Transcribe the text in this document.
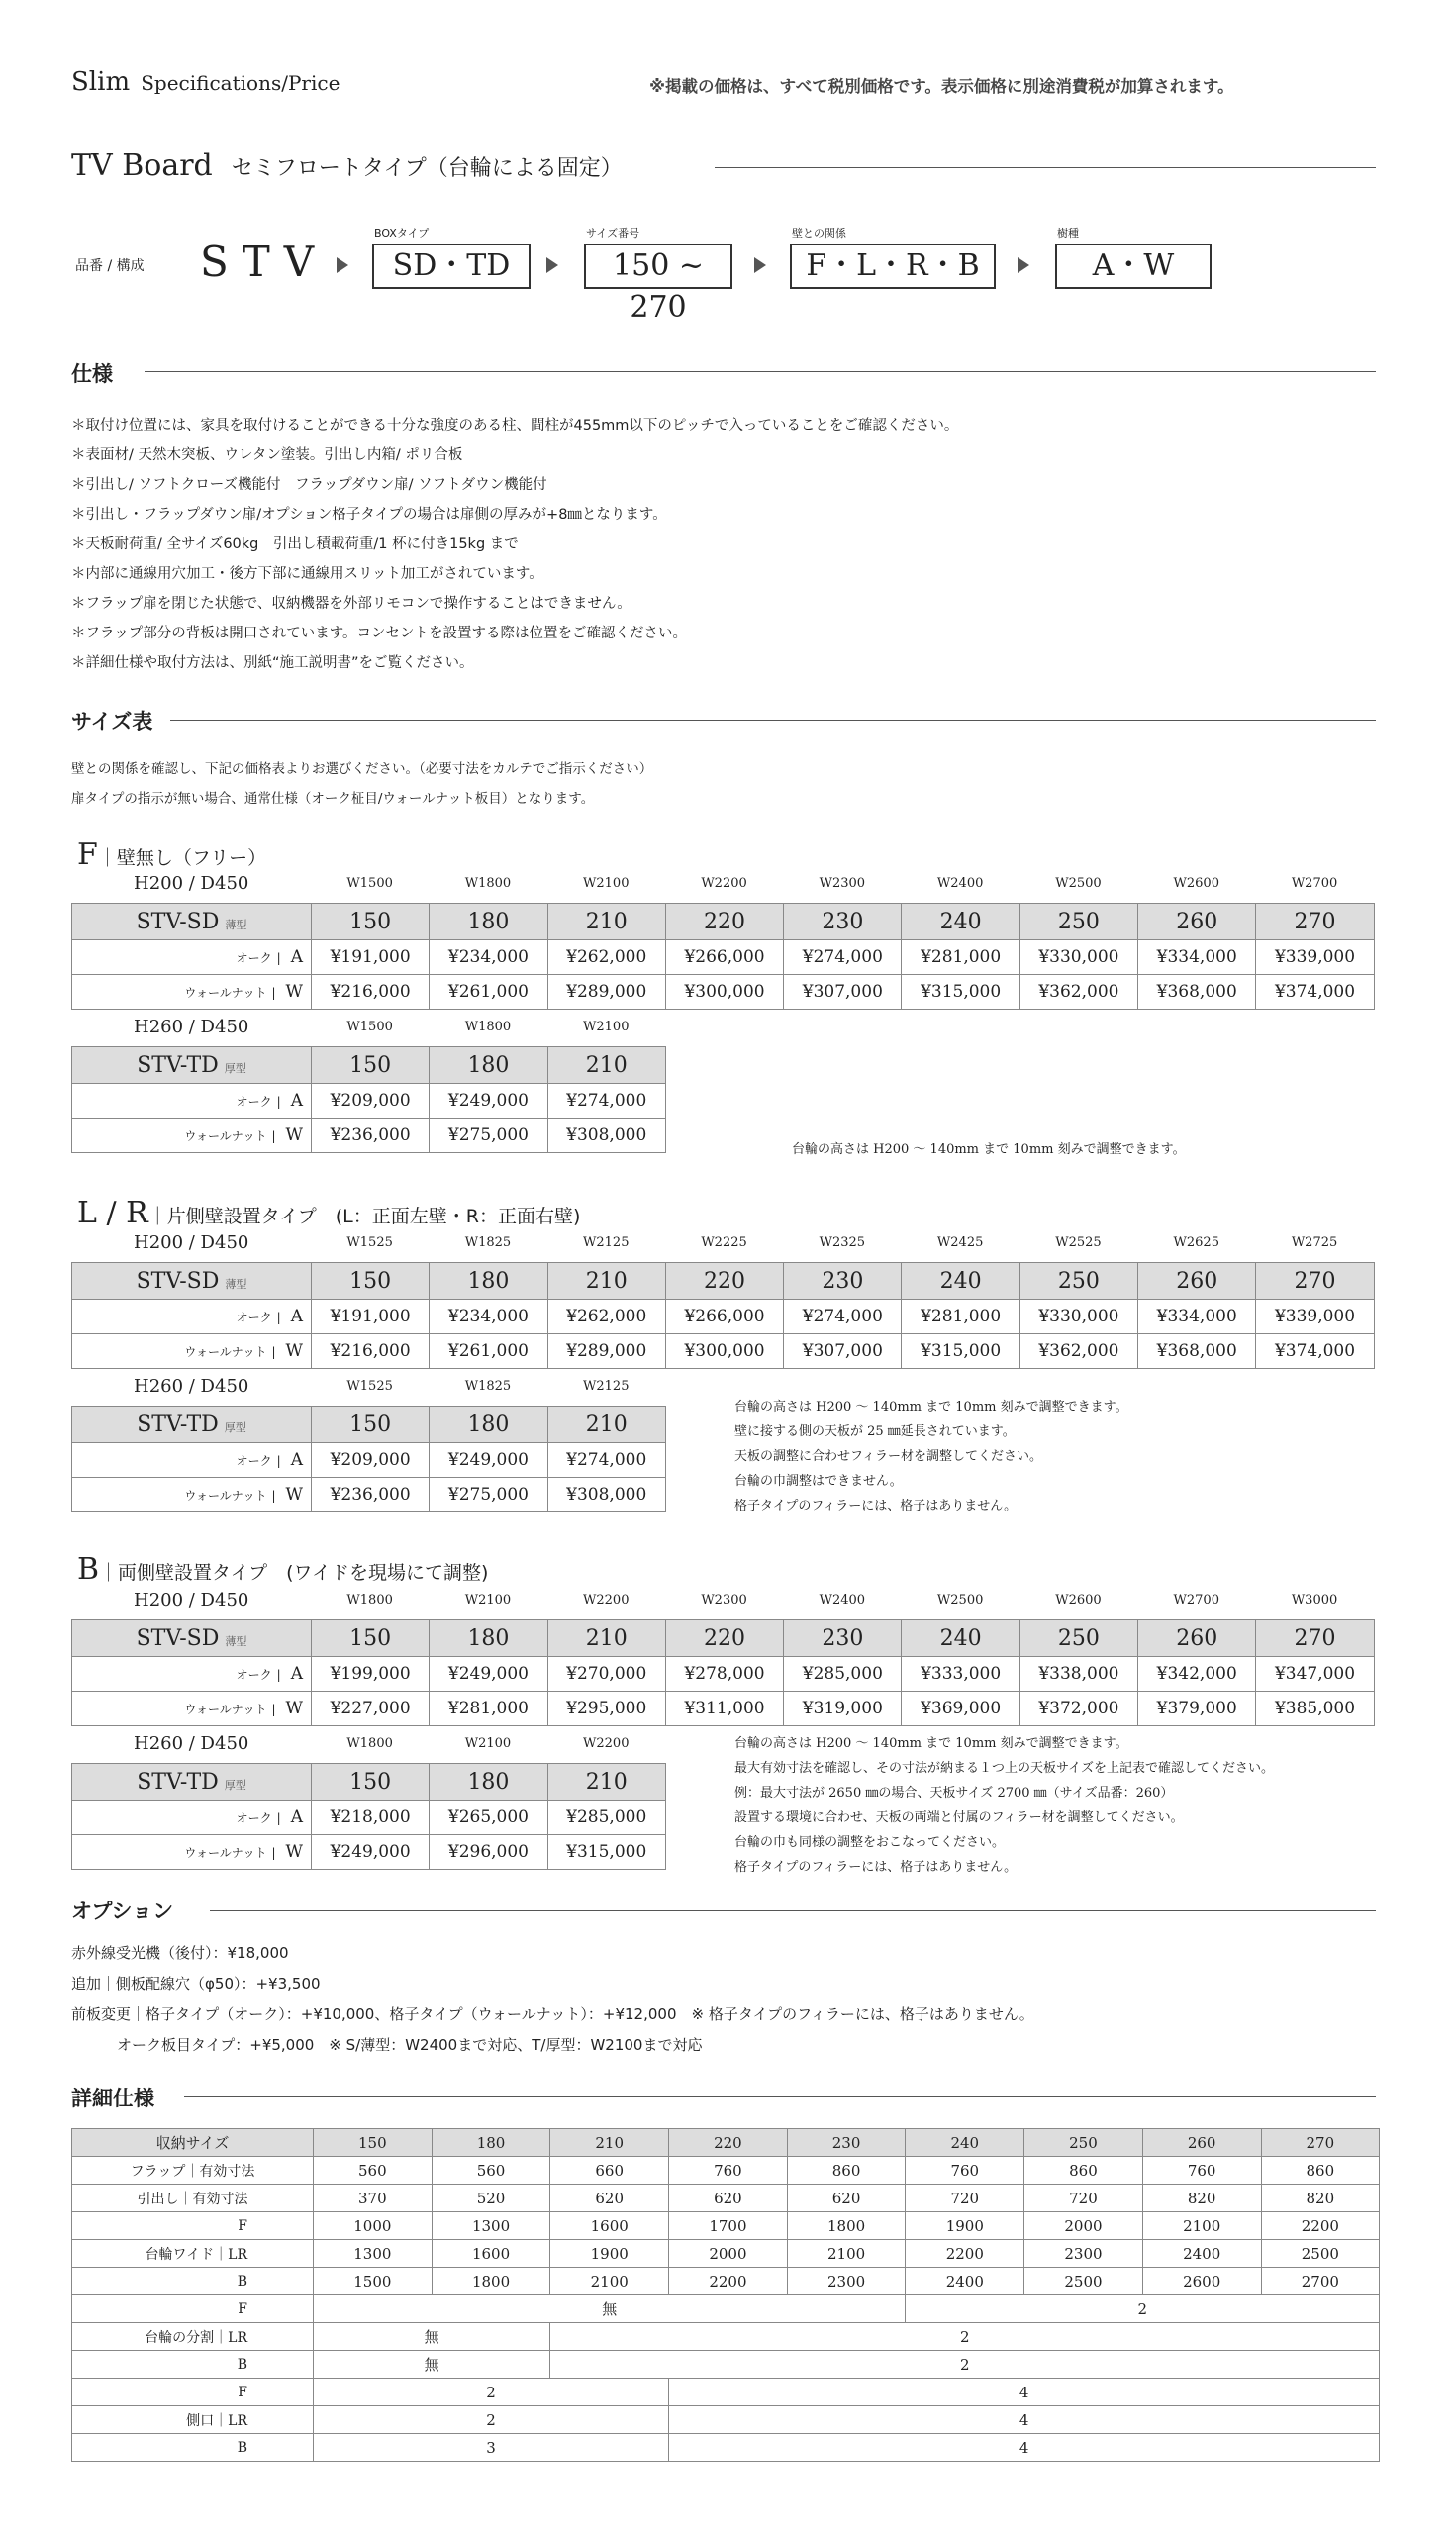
Slim Specifications/Price	※掲載の価格は、すべて税別価格です。表示価格に別途消費税が加算されます。
TV Board セミフロートタイプ（台輪による固定）
品番 / 構成 STV
BOXタイプ
SD・TD
サイズ番号
150 ~ 270
壁との関係
F・L・R・B
樹種
A・W
仕様
＊取付け位置には、家具を取付けることができる十分な強度のある柱、間柱が455mm以下のピッチで入っていることをご確認ください。
＊表面材/ 天然木突板、ウレタン塗装。引出し内箱/ ポリ合板
＊引出し/ ソフトクローズ機能付　フラップダウン扉/ ソフトダウン機能付
＊引出し・フラップダウン扉/オプション格子タイプの場合は扉側の厚みが+8㎜となります。
＊天板耐荷重/ 全サイズ60kg　引出し積載荷重/1 杯に付き15kg まで
＊内部に通線用穴加工・後方下部に通線用スリット加工がされています。
＊フラップ扉を閉じた状態で、収納機器を外部リモコンで操作することはできません。
＊フラップ部分の背板は開口されています。コンセントを設置する際は位置をご確認ください。
＊詳細仕様や取付方法は、別紙“施工説明書”をご覧ください。
サイズ表
壁との関係を確認し、下記の価格表よりお選びください。（必要寸法をカルテでご指示ください）
扉タイプの指示が無い場合、通常仕様（オーク柾目/ウォールナット板目）となります。
F｜壁無し（フリー）
H200 / D450	W1500	W1800	W2100	W2200	W2300	W2400	W2500	W2600	W2700
STV-SD 薄型	150	180	210	220	230	240	250	260	270
オーク | A	¥191,000	¥234,000	¥262,000	¥266,000	¥274,000	¥281,000	¥330,000	¥334,000	¥339,000
ウォールナット | W	¥216,000	¥261,000	¥289,000	¥300,000	¥307,000	¥315,000	¥362,000	¥368,000	¥374,000
H260 / D450	W1500	W1800	W2100
STV-TD 厚型	150	180	210
オーク | A	¥209,000	¥249,000	¥274,000
ウォールナット | W	¥236,000	¥275,000	¥308,000
台輪の高さは H200 ～ 140mm まで 10mm 刻みで調整できます。
L / R｜片側壁設置タイプ　(L：正面左壁・R：正面右壁)
H200 / D450	W1525	W1825	W2125	W2225	W2325	W2425	W2525	W2625	W2725
STV-SD 薄型	150	180	210	220	230	240	250	260	270
オーク | A	¥191,000	¥234,000	¥262,000	¥266,000	¥274,000	¥281,000	¥330,000	¥334,000	¥339,000
ウォールナット | W	¥216,000	¥261,000	¥289,000	¥300,000	¥307,000	¥315,000	¥362,000	¥368,000	¥374,000
H260 / D450	W1525	W1825	W2125
STV-TD 厚型	150	180	210
オーク | A	¥209,000	¥249,000	¥274,000
ウォールナット | W	¥236,000	¥275,000	¥308,000
台輪の高さは H200 ～ 140mm まで 10mm 刻みで調整できます。
壁に接する側の天板が 25 ㎜延長されています。
天板の調整に合わせフィラー材を調整してください。
台輪の巾調整はできません。
格子タイプのフィラーには、格子はありません。
B｜両側壁設置タイプ　(ワイドを現場にて調整)
H200 / D450	W1800	W2100	W2200	W2300	W2400	W2500	W2600	W2700	W3000
STV-SD 薄型	150	180	210	220	230	240	250	260	270
オーク | A	¥199,000	¥249,000	¥270,000	¥278,000	¥285,000	¥333,000	¥338,000	¥342,000	¥347,000
ウォールナット | W	¥227,000	¥281,000	¥295,000	¥311,000	¥319,000	¥369,000	¥372,000	¥379,000	¥385,000
H260 / D450	W1800	W2100	W2200
STV-TD 厚型	150	180	210
オーク | A	¥218,000	¥265,000	¥285,000
ウォールナット | W	¥249,000	¥296,000	¥315,000
台輪の高さは H200 ～ 140mm まで 10mm 刻みで調整できます。
最大有効寸法を確認し、その寸法が納まる１つ上の天板サイズを上記表で確認してください。
例：最大寸法が 2650 ㎜の場合、天板サイズ 2700 ㎜（サイズ品番：260）
設置する環境に合わせ、天板の両端と付属のフィラー材を調整してください。
台輪の巾も同様の調整をおこなってください。
格子タイプのフィラーには、格子はありません。
オプション
赤外線受光機（後付）：¥18,000
追加｜側板配線穴（φ50）：+¥3,500
前板変更｜格子タイプ（オーク）：+¥10,000、格子タイプ（ウォールナット）：+¥12,000　※ 格子タイプのフィラーには、格子はありません。
オーク板目タイプ：+¥5,000　※ S/薄型：W2400まで対応、T/厚型：W2100まで対応
詳細仕様
収納サイズ	150	180	210	220	230	240	250	260	270
フラップ｜有効寸法	560	560	660	760	860	760	860	760	860
引出し｜有効寸法	370	520	620	620	620	720	720	820	820
F	1000	1300	1600	1700	1800	1900	2000	2100	2200
台輪ワイド｜LR	1300	1600	1900	2000	2100	2200	2300	2400	2500
B	1500	1800	2100	2200	2300	2400	2500	2600	2700
F	無					2			
台輪の分割｜LR	無		2						
B	無		2						
F	2			4					
側口｜LR	2			4					
B	3			4					
